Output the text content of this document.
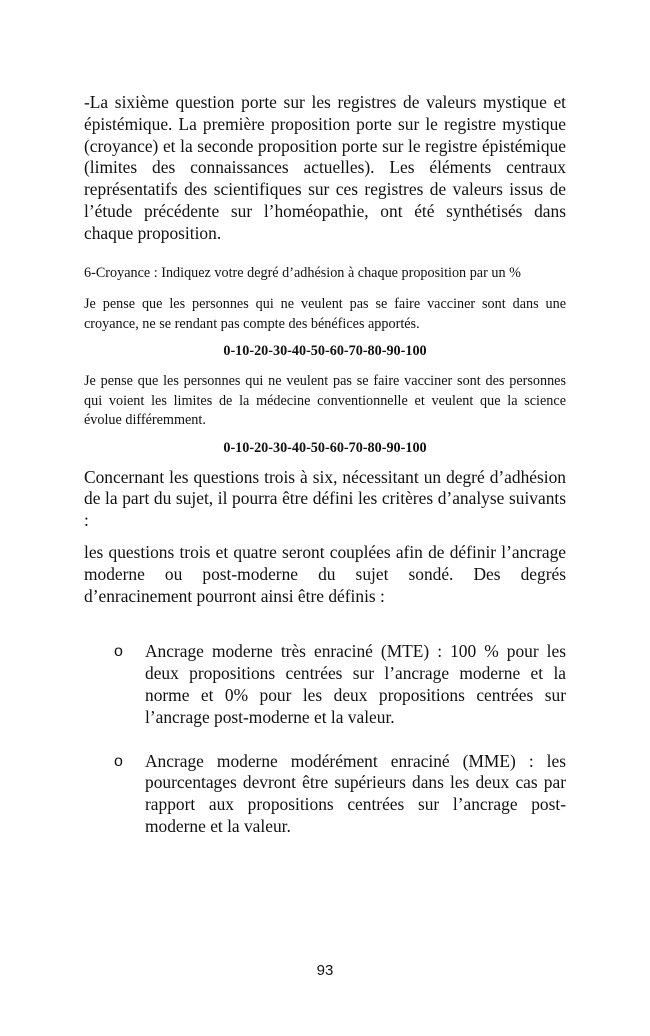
-La sixième question porte sur les registres de valeurs mystique et épistémique. La première proposition porte sur le registre mystique (croyance) et la seconde proposition porte sur le registre épistémique (limites des connaissances actuelles). Les éléments centraux représentatifs des scientifiques sur ces registres de valeurs issus de l’étude précédente sur l’homéopathie, ont été synthétisés dans chaque proposition.

6-Croyance : Indiquez votre degré d’adhésion à chaque proposition par un %

Je pense que les personnes qui ne veulent pas se faire vacciner sont dans une croyance, ne se rendant pas compte des bénéfices apportés.

0-10-20-30-40-50-60-70-80-90-100

Je pense que les personnes qui ne veulent pas se faire vacciner sont des personnes qui voient les limites de la médecine conventionnelle et veulent que la science évolue différemment.

0-10-20-30-40-50-60-70-80-90-100

Concernant les questions trois à six, nécessitant un degré d’adhésion de la part du sujet, il pourra être défini les critères d’analyse suivants :

les questions trois et quatre seront couplées afin de définir l’ancrage moderne ou post-moderne du sujet sondé. Des degrés d’enracinement pourront ainsi être définis :

o Ancrage moderne très enraciné (MTE) : 100 % pour les deux propositions centrées sur l’ancrage moderne et la norme et 0% pour les deux propositions centrées sur l’ancrage post-moderne et la valeur.

o Ancrage moderne modérément enraciné (MME) : les pourcentages devront être supérieurs dans les deux cas par rapport aux propositions centrées sur l’ancrage post-moderne et la valeur.

93
